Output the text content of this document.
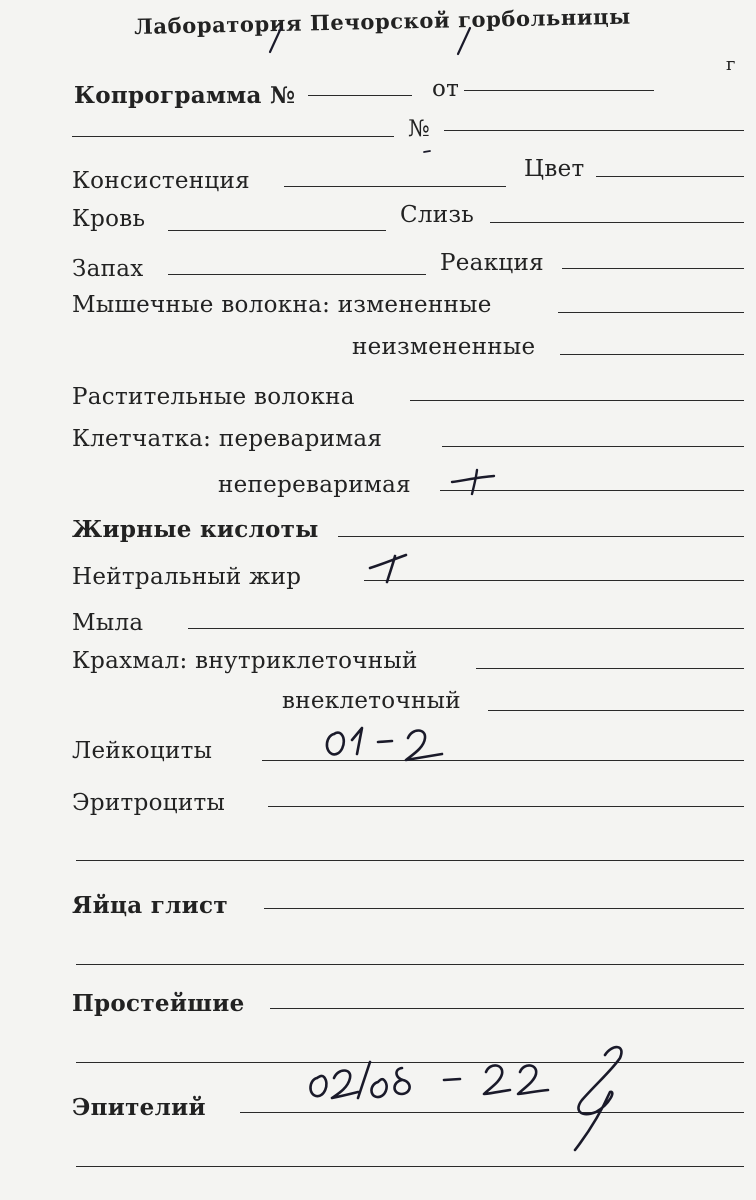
Лаборатория Печорской горбольницы
Копрограмма №	от
г
№
Консистенция	Цвет
Кровь	Слизь
Запах	Реакция
Мышечные волокна: измененные
неизмененные
Растительные волокна
Клетчатка: переваримая
непереваримая
Жирные кислоты
Нейтральный жир
Мыла
Крахмал: внутриклеточный
внеклеточный
Лейкоциты
Эритроциты
Яйца глист
Простейшие
Эпителий
